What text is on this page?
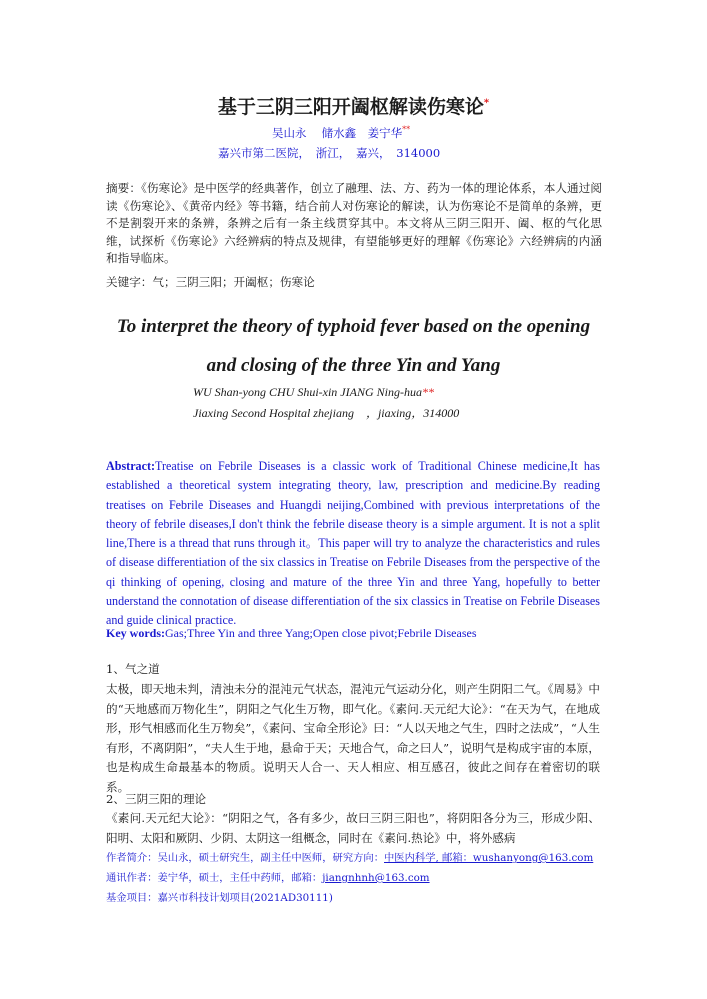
基于三阴三阳开阖枢解读伤寒论*
吴山永　 储水鑫　姜宁华**
嘉兴市第二医院，　浙江，　嘉兴，　314000
摘要：《伤寒论》是中医学的经典著作，创立了融理、法、方、药为一体的理论体系，本人通过阅读《伤寒论》、《黄帝内经》等书籍，结合前人对伤寒论的解读，认为伤寒论不是简单的条辨，更不是割裂开来的条辨，条辨之后有一条主线贯穿其中。本文将从三阴三阳开、阖、枢的气化思维，试探析《伤寒论》六经辨病的特点及规律，有望能够更好的理解《伤寒论》六经辨病的内涵和指导临床。
关键字：气；三阴三阳；开阖枢；伤寒论
To interpret the theory of typhoid fever based on the opening
and closing of the three Yin and Yang
WU Shan-yong CHU Shui-xin JIANG Ning-hua**
Jiaxing Second Hospital zhejiang　，jiaxing，314000
Abstract:Treatise on Febrile Diseases is a classic work of Traditional Chinese medicine,It has established a theoretical system integrating theory, law, prescription and medicine.By reading treatises on Febrile Diseases and Huangdi neijing,Combined with previous interpretations of the theory of febrile diseases,I don't think the febrile disease theory is a simple argument. It is not a split line,There is a thread that runs through it。This paper will try to analyze the characteristics and rules of disease differentiation of the six classics in Treatise on Febrile Diseases from the perspective of the qi thinking of opening, closing and mature of the three Yin and three Yang, hopefully to better understand the connotation of disease differentiation of the six classics in Treatise on Febrile Diseases and guide clinical practice.
Key words:Gas;Three Yin and three Yang;Open close pivot;Febrile Diseases
1、气之道
太极，即天地未判，清浊未分的混沌元气状态，混沌元气运动分化，则产生阴阳二气。《周易》中的“天地感而万物化生”，阴阳之气化生万物，即气化。《素问.天元纪大论》：“在天为气，在地成形，形气相感而化生万物矣”，《素问、宝命全形论》曰：“人以天地之气生，四时之法成”，“人生有形，不离阴阳”，“夫人生于地，悬命于天；天地合气，命之曰人”，说明气是构成宇宙的本原，也是构成生命最基本的物质。说明天人合一、天人相应、相互感召，彼此之间存在着密切的联系。
2、三阴三阳的理论
《素问.天元纪大论》：“阴阳之气，各有多少，故曰三阴三阳也”，将阴阳各分为三，形成少阳、阳明、太阳和厥阴、少阴、太阴这一组概念，同时在《素问.热论》中，将外感病
作者简介：吴山永，硕士研究生，副主任中医师，研究方向：中医内科学, 邮箱：wushanyong@163.com
通讯作者：姜宁华，硕士，主任中药师，邮箱：jiangnhnh@163.com
基金项目：嘉兴市科技计划项目(2021AD30111)
